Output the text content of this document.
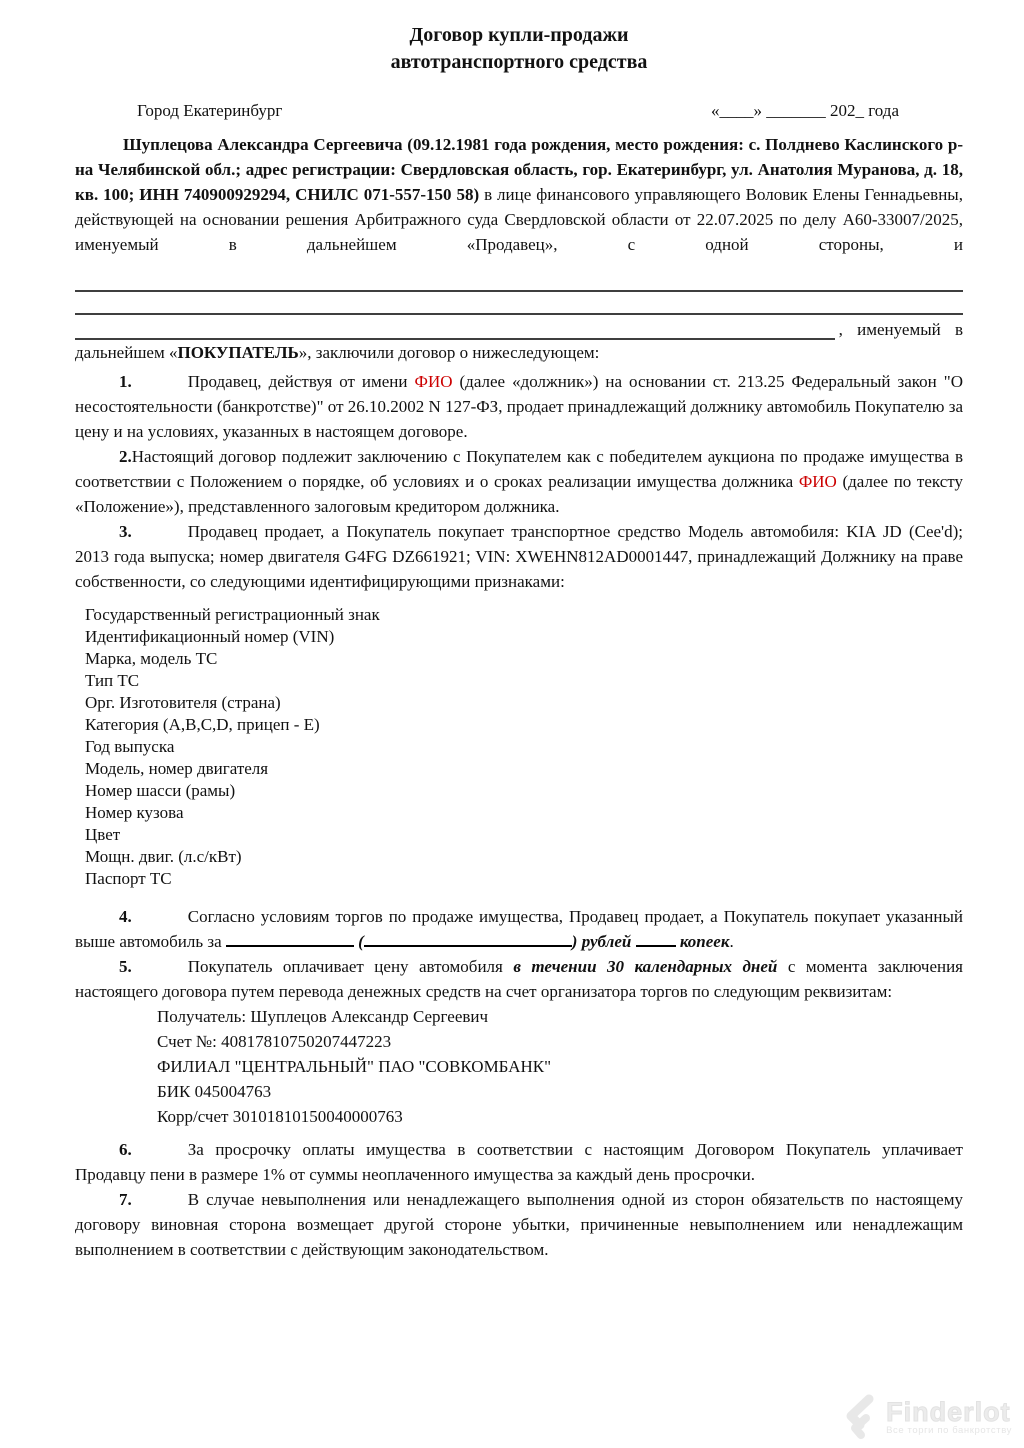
Договор купли-продажи
автотранспортного средства
Город Екатеринбург	«____» _______ 202_ года

Шуплецова Александра Сергеевича (09.12.1981 года рождения, место рождения: с. Полднево Каслинского р-на Челябинской обл.; адрес регистрации: Свердловская область, гор. Екатеринбург, ул. Анатолия Муранова, д. 18, кв. 100; ИНН 740900929294, СНИЛС 071-557-150 58) в лице финансового управляющего Воловик Елены Геннадьевны, действующей на основании решения Арбитражного суда Свердловской области от 22.07.2025 по делу А60-33007/2025, именуемый в дальнейшем «Продавец», с одной стороны, и

, именуемый в

дальнейшем «ПОКУПАТЕЛЬ», заключили договор о нижеследующем:

1.	Продавец, действуя от имени ФИО (далее «должник») на основании ст. 213.25 Федеральный закон "О несостоятельности (банкротстве)" от 26.10.2002 N 127-ФЗ, продает принадлежащий должнику автомобиль Покупателю за цену и на условиях, указанных в настоящем договоре.

2.Настоящий договор подлежит заключению с Покупателем как с победителем аукциона по продаже имущества в соответствии с Положением о порядке, об условиях и о сроках реализации имущества должника ФИО (далее по тексту «Положение»), представленного залоговым кредитором должника.

3.	Продавец продает, а Покупатель покупает транспортное средство Модель автомобиля: KIA JD (Cee'd); 2013 года выпуска; номер двигателя G4FG DZ661921; VIN: XWEHN812AD0001447, принадлежащий Должнику на праве собственности, со следующими идентифицирующими признаками:

Государственный регистрационный знак
Идентификационный номер (VIN)
Марка, модель ТС
Тип ТС
Орг. Изготовителя (страна)
Категория (A,B,C,D, прицеп - E)
Год выпуска
Модель, номер двигателя
Номер шасси (рамы)
Номер кузова
Цвет
Мощн. двиг. (л.с/кВт)
Паспорт ТС

4.	Согласно условиям торгов по продаже имущества, Продавец продает, а Покупатель покупает указанный выше автомобиль за	(	) рублей	копеек.

5.	Покупатель оплачивает цену автомобиля в течении 30 календарных дней с момента заключения настоящего договора путем перевода денежных средств на счет организатора торгов по следующим реквизитам:

Получатель: Шуплецов Александр Сергеевич
Счет №: 40817810750207447223
ФИЛИАЛ "ЦЕНТРАЛЬНЫЙ" ПАО "СОВКОМБАНК"
БИК 045004763
Корр/счет 30101810150040000763

6.	За просрочку оплаты имущества в соответствии с настоящим Договором Покупатель уплачивает Продавцу пени в размере 1% от суммы неоплаченного имущества за каждый день просрочки.

7.	В случае невыполнения или ненадлежащего выполнения одной из сторон обязательств по настоящему договору виновная сторона возмещает другой стороне убытки, причиненные невыполнением или ненадлежащим выполнением в соответствии с действующим законодательством.

Finderlot
Все торги по банкротству
